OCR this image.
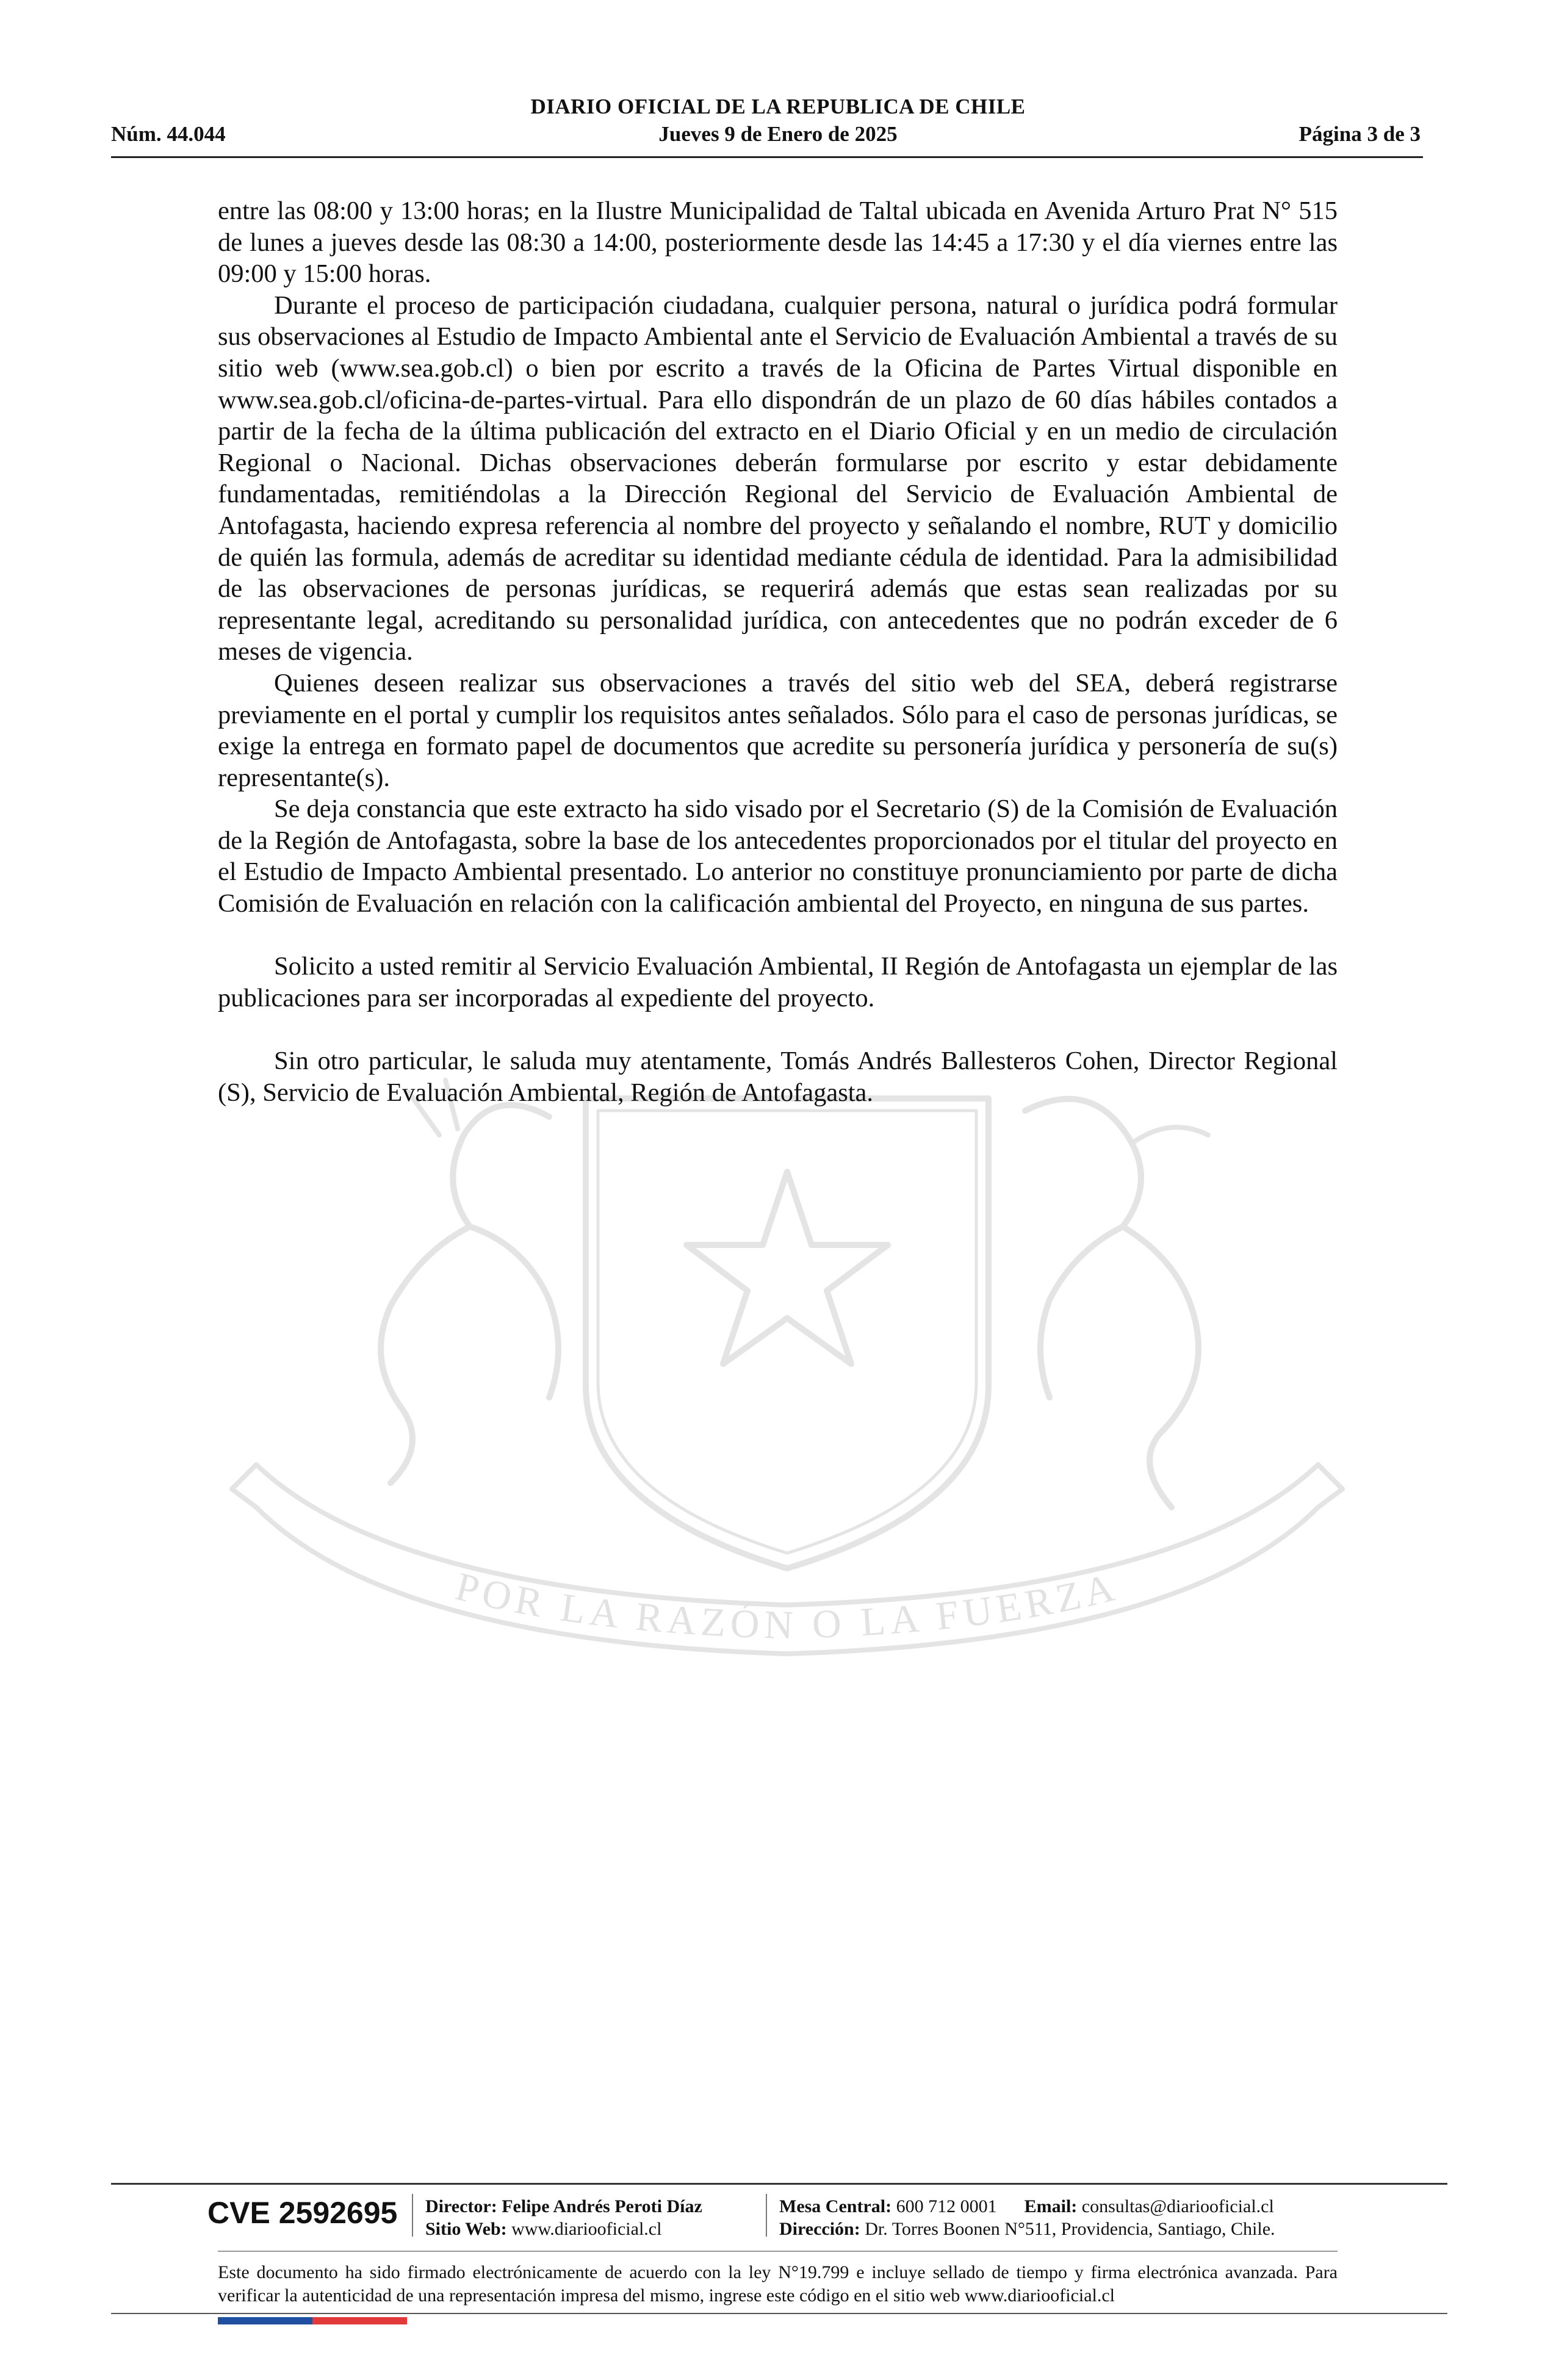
DIARIO OFICIAL DE LA REPUBLICA DE CHILE
Núm. 44.044	Jueves 9 de Enero de 2025	Página 3 de 3
POR LA RAZÓN O LA FUERZA

entre las 08:00 y 13:00 horas; en la Ilustre Municipalidad de Taltal ubicada en Avenida Arturo Prat N° 515 de lunes a jueves desde las 08:30 a 14:00, posteriormente desde las 14:45 a 17:30 y el día viernes entre las 09:00 y 15:00 horas.

Durante el proceso de participación ciudadana, cualquier persona, natural o jurídica podrá formular sus observaciones al Estudio de Impacto Ambiental ante el Servicio de Evaluación Ambiental a través de su sitio web (www.sea.gob.cl) o bien por escrito a través de la Oficina de Partes Virtual disponible en www.sea.gob.cl/oficina-de-partes-virtual. Para ello dispondrán de un plazo de 60 días hábiles contados a partir de la fecha de la última publicación del extracto en el Diario Oficial y en un medio de circulación Regional o Nacional. Dichas observaciones deberán formularse por escrito y estar debidamente fundamentadas, remitiéndolas a la Dirección Regional del Servicio de Evaluación Ambiental de Antofagasta, haciendo expresa referencia al nombre del proyecto y señalando el nombre, RUT y domicilio de quién las formula, además de acreditar su identidad mediante cédula de identidad. Para la admisibilidad de las observaciones de personas jurídicas, se requerirá además que estas sean realizadas por su representante legal, acreditando su personalidad jurídica, con antecedentes que no podrán exceder de 6 meses de vigencia.

Quienes deseen realizar sus observaciones a través del sitio web del SEA, deberá registrarse previamente en el portal y cumplir los requisitos antes señalados. Sólo para el caso de personas jurídicas, se exige la entrega en formato papel de documentos que acredite su personería jurídica y personería de su(s) representante(s).

Se deja constancia que este extracto ha sido visado por el Secretario (S) de la Comisión de Evaluación de la Región de Antofagasta, sobre la base de los antecedentes proporcionados por el titular del proyecto en el Estudio de Impacto Ambiental presentado. Lo anterior no constituye pronunciamiento por parte de dicha Comisión de Evaluación en relación con la calificación ambiental del Proyecto, en ninguna de sus partes.

Solicito a usted remitir al Servicio Evaluación Ambiental, II Región de Antofagasta un ejemplar de las publicaciones para ser incorporadas al expediente del proyecto.

Sin otro particular, le saluda muy atentamente, Tomás Andrés Ballesteros Cohen, Director Regional (S), Servicio de Evaluación Ambiental, Región de Antofagasta.

CVE 2592695 Director: Felipe Andrés Peroti Díaz
Sitio Web: www.diariooficial.cl
Mesa Central: 600 712 0001 Email: consultas@diariooficial.cl
Dirección: Dr. Torres Boonen N°511, Providencia, Santiago, Chile.
Este documento ha sido firmado electrónicamente de acuerdo con la ley N°19.799 e incluye sellado de tiempo y firma electrónica avanzada. Para verificar la autenticidad de una representación impresa del mismo, ingrese este código en el sitio web www.diariooficial.cl
